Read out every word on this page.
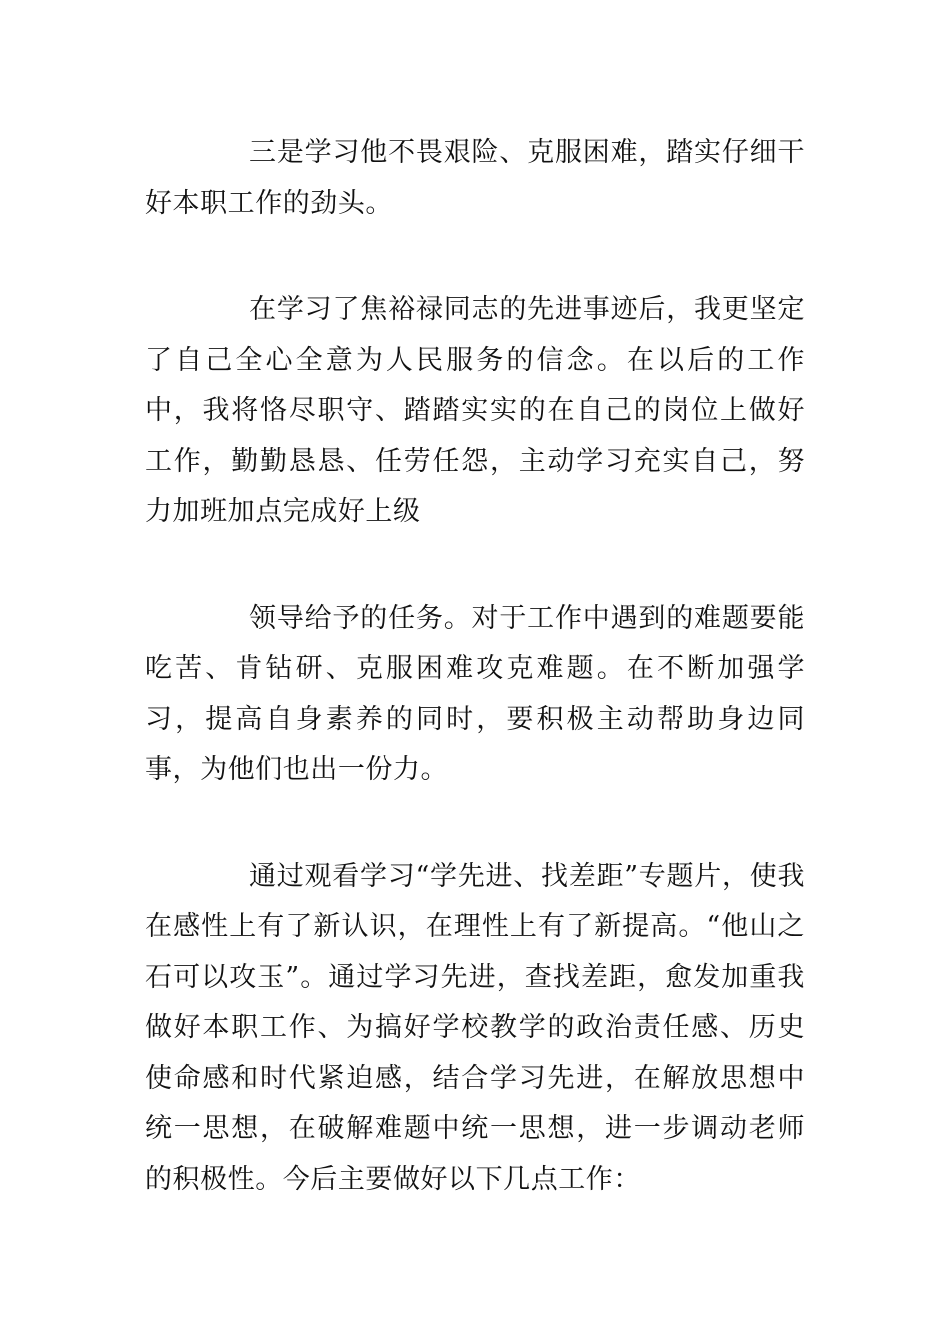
三是学习他不畏艰险、克服困难，踏实仔细干好本职工作的劲头。

在学习了焦裕禄同志的先进事迹后，我更坚定了自己全心全意为人民服务的信念。在以后的工作中，我将恪尽职守、踏踏实实的在自己的岗位上做好工作，勤勤恳恳、任劳任怨，主动学习充实自己，努力加班加点完成好上级

领导给予的任务。对于工作中遇到的难题要能吃苦、肯钻研、克服困难攻克难题。在不断加强学习，提高自身素养的同时，要积极主动帮助身边同事，为他们也出一份力。

通过观看学习“学先进、找差距”专题片，使我在感性上有了新认识，在理性上有了新提高。“他山之石可以攻玉”。通过学习先进，查找差距，愈发加重我做好本职工作、为搞好学校教学的政治责任感、历史使命感和时代紧迫感，结合学习先进，在解放思想中统一思想，在破解难题中统一思想，进一步调动老师的积极性。今后主要做好以下几点工作：
